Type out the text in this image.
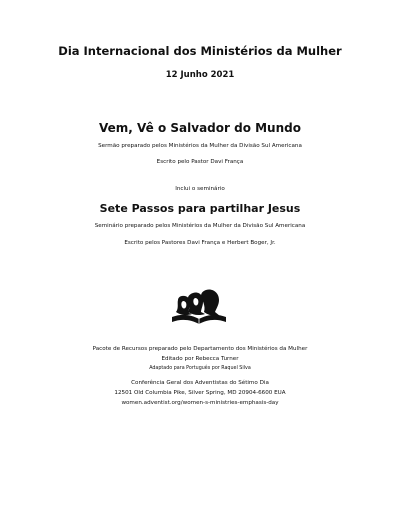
Dia Internacional dos Ministérios da Mulher
12 Junho 2021
Vem, Vê o Salvador do Mundo
Sermão preparado pelos Ministérios da Mulher da Divisão Sul Americana
Escrito pelo Pastor Davi França
Inclui o seminário
Sete Passos para partilhar Jesus
Seminário preparado pelos Ministérios da Mulher da Divisão Sul Americana
Escrito pelos Pastores Davi França e Herbert Boger, Jr.
Pacote de Recursos preparado pelo Departamento dos Ministérios da Mulher
Editado por Rebecca Turner
Adaptado para Português por Raquel Silva
Conferência Geral dos Adventistas do Sétimo Dia
12501 Old Columbia Pike, Silver Spring, MD 20904-6600 EUA
women.adventist.org/women-s-ministries-emphasis-day
